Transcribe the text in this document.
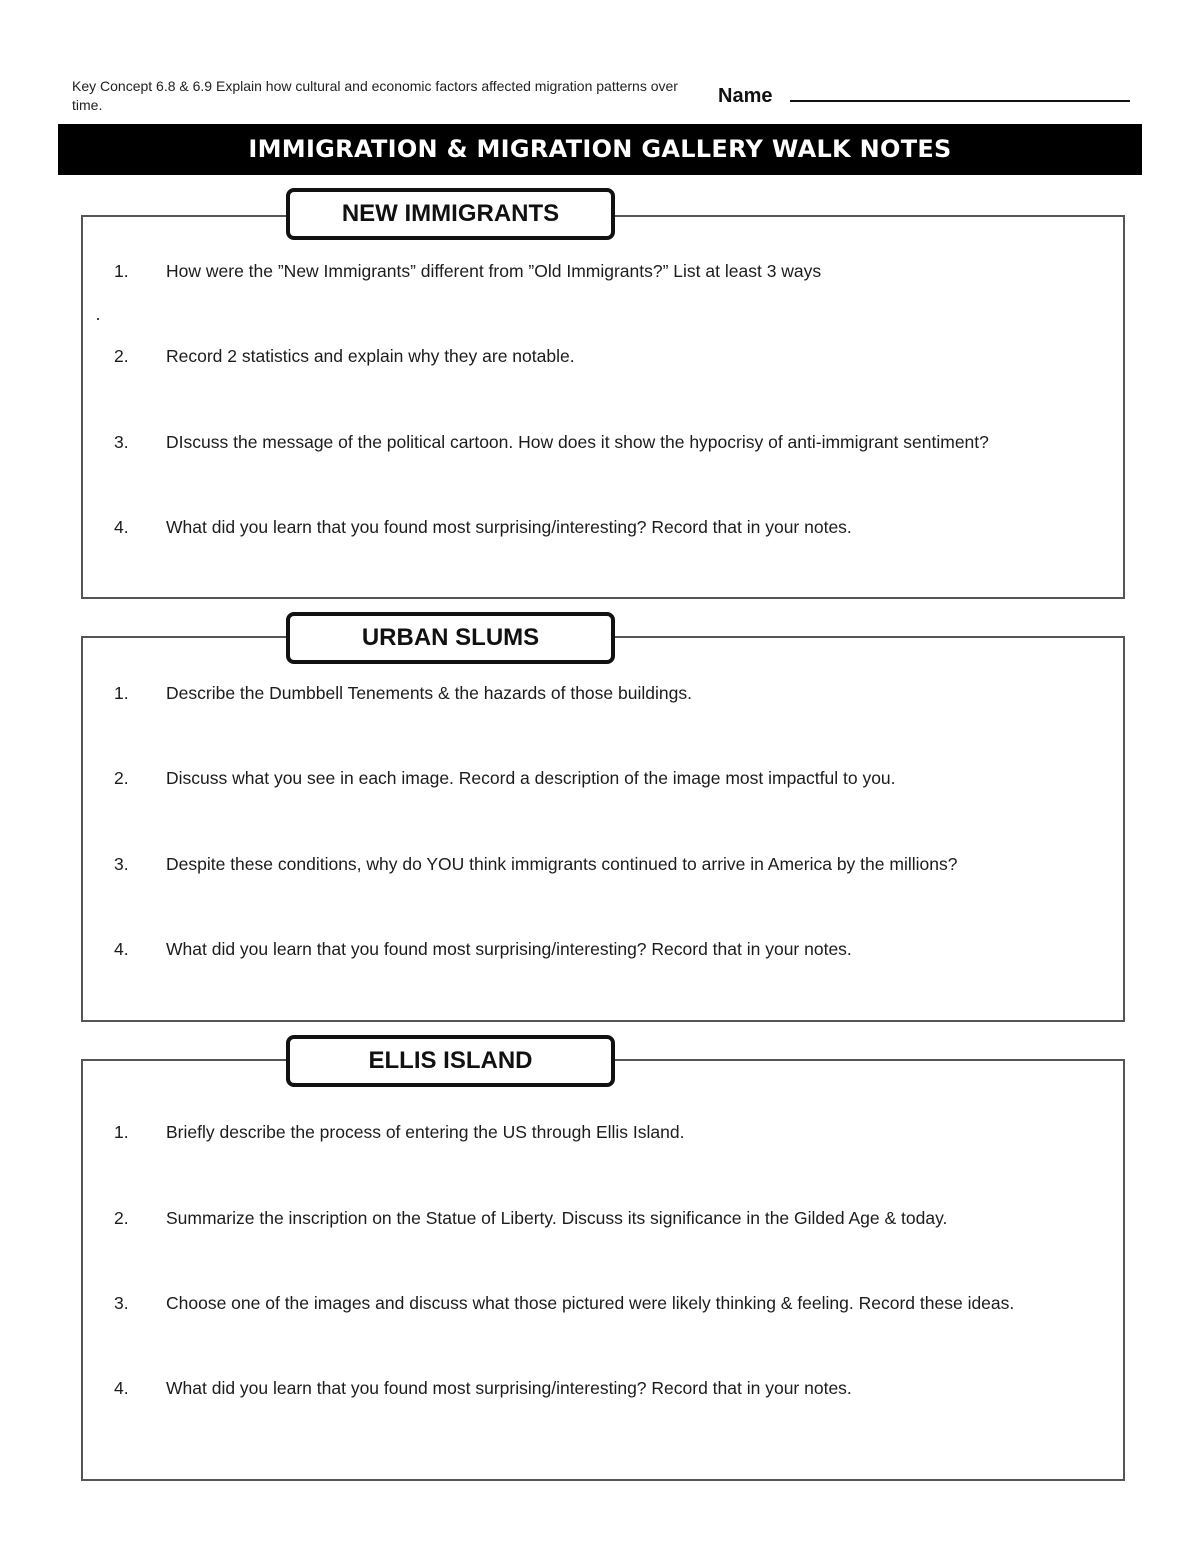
Key Concept 6.8 & 6.9 Explain how cultural and economic factors affected migration patterns over time.	Name
IMMIGRATION & MIGRATION GALLERY WALK NOTES
NEW IMMIGRANTS
1. How were the ”New Immigrants” different from ”Old Immigrants?” List at least 3 ways
2. Record 2 statistics and explain why they are notable.
3. DIscuss the message of the political cartoon. How does it show the hypocrisy of anti-immigrant sentiment?
4. What did you learn that you found most surprising/interesting? Record that in your notes.
URBAN SLUMS
1. Describe the Dumbbell Tenements & the hazards of those buildings.
2. Discuss what you see in each image. Record a description of the image most impactful to you.
3. Despite these conditions, why do YOU think immigrants continued to arrive in America by the millions?
4. What did you learn that you found most surprising/interesting? Record that in your notes.
ELLIS ISLAND
1. Briefly describe the process of entering the US through Ellis Island.
2. Summarize the inscription on the Statue of Liberty. Discuss its significance in the Gilded Age & today.
3. Choose one of the images and discuss what those pictured were likely thinking & feeling. Record these ideas.
4. What did you learn that you found most surprising/interesting? Record that in your notes.
